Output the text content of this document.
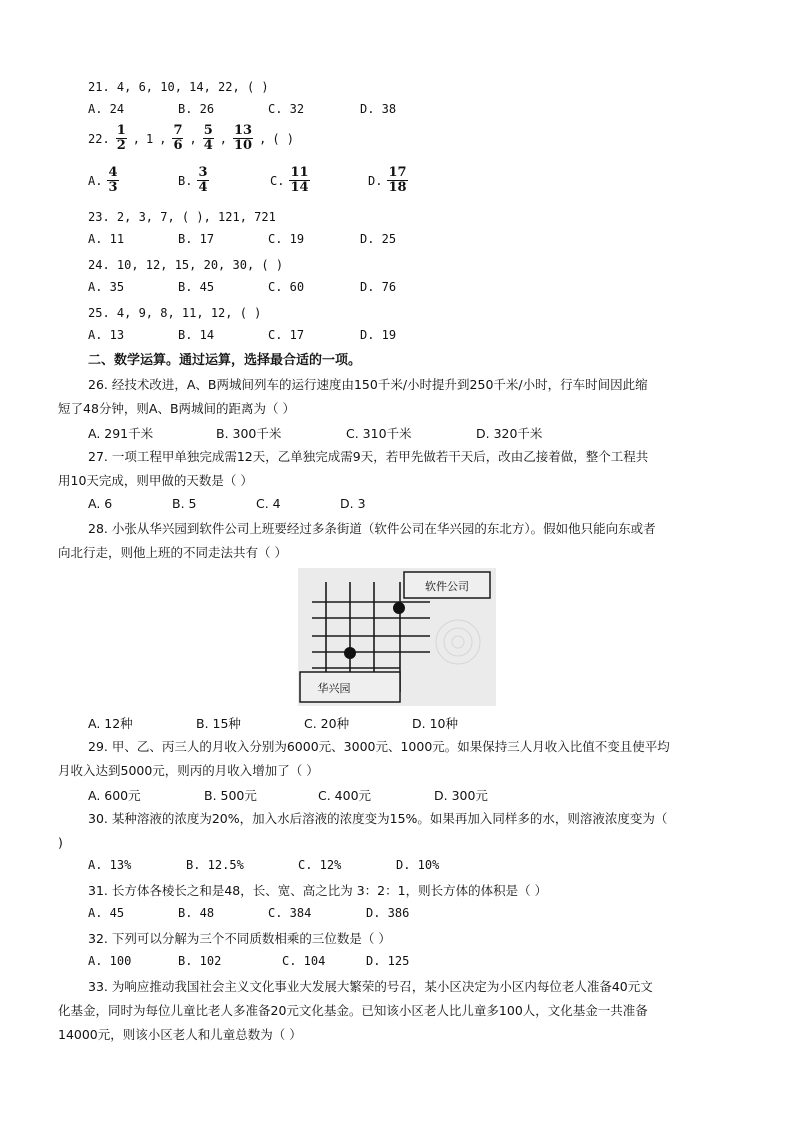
21. 4, 6, 10, 14, 22, ( )
A. 24	B. 26	C. 32	D. 38
22. $\frac{1}{2}$ , 1 , $\frac{7}{6}$ , $\frac{5}{4}$ , $\frac{13}{10}$ , ( )
A. $\frac{4}{3}$	B. $\frac{3}{4}$	C. $\frac{11}{14}$	D. $\frac{17}{18}$
23. 2, 3, 7, ( ), 121, 721
A. 11	B. 17	C. 19	D. 25
24. 10, 12, 15, 20, 30, ( )
A. 35	B. 45	C. 60	D. 76
25. 4, 9, 8, 11, 12, ( )
A. 13	B. 14	C. 17	D. 19
二、数学运算。通过运算，选择最合适的一项。
26. 经技术改进，A、B两城间列车的运行速度由150千米/小时提升到250千米/小时，行车时间因此缩
短了48分钟，则A、B两城间的距离为（ ）
A. 291千米	B. 300千米	C. 310千米	D. 320千米
27. 一项工程甲单独完成需12天，乙单独完成需9天，若甲先做若干天后，改由乙接着做，整个工程共
用10天完成，则甲做的天数是（ ）
A. 6	B. 5	C. 4	D. 3
28. 小张从华兴园到软件公司上班要经过多条街道（软件公司在华兴园的东北方）。假如他只能向东或者
向北行走，则他上班的不同走法共有（ ）
软件公司
华兴园
A. 12种	B. 15种	C. 20种	D. 10种
29. 甲、乙、丙三人的月收入分别为6000元、3000元、1000元。如果保持三人月收入比值不变且使平均
月收入达到5000元，则丙的月收入增加了（ ）
A. 600元	B. 500元	C. 400元	D. 300元
30. 某种溶液的浓度为20%，加入水后溶液的浓度变为15%。如果再加入同样多的水，则溶液浓度变为（
)
A. 13%	B. 12.5%	C. 12%	D. 10%
31. 长方体各棱长之和是48，长、宽、高之比为 3：2：1，则长方体的体积是（ ）
A. 45	B. 48	C. 384	D. 386
32. 下列可以分解为三个不同质数相乘的三位数是（ ）
A. 100	B. 102	C. 104	D. 125
33. 为响应推动我国社会主义文化事业大发展大繁荣的号召，某小区决定为小区内每位老人准备40元文
化基金，同时为每位儿童比老人多准备20元文化基金。已知该小区老人比儿童多100人，文化基金一共准备
14000元，则该小区老人和儿童总数为（ ）
